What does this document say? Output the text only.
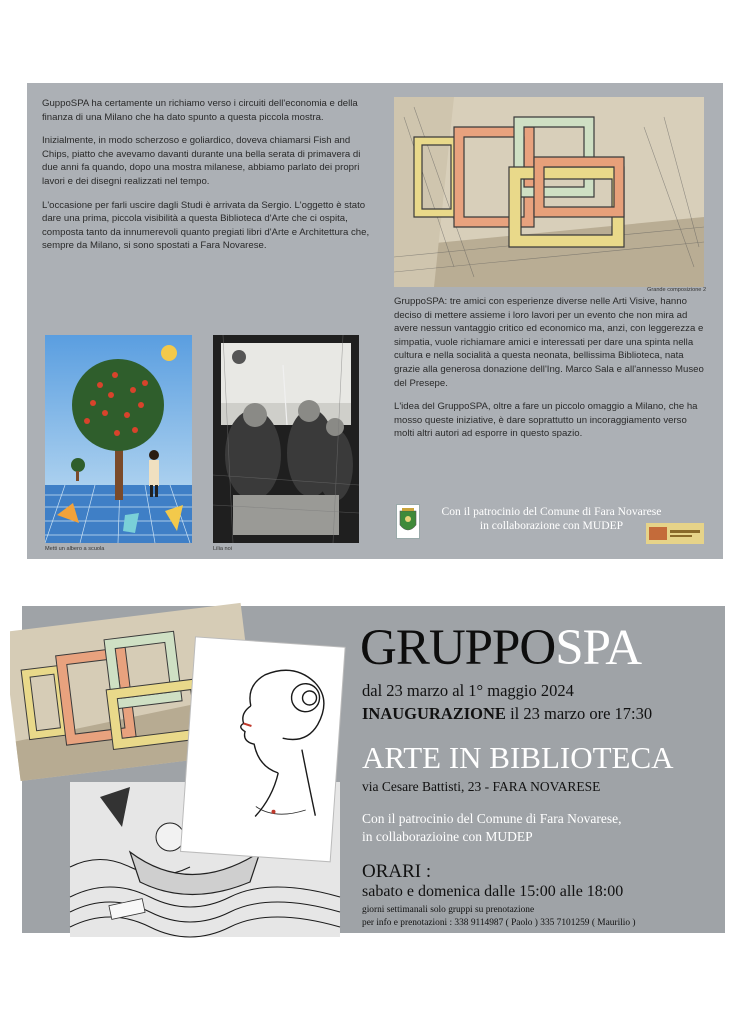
GuppoSPA ha certamente un richiamo verso i circuiti dell'economia e della finanza di una Milano che ha dato spunto a questa piccola mostra.

Inizialmente, in modo scherzoso e goliardico, doveva chiamarsi Fish and Chips, piatto che avevamo davanti durante una bella serata di primavera di due anni fa quando, dopo una mostra milanese, abbiamo parlato dei propri lavori e dei disegni realizzati nel tempo.

L'occasione per farli uscire dagli Studi è arrivata da Sergio. L'oggetto è stato dare una prima, piccola visibilità a questa Biblioteca d'Arte che ci ospita, composta tanto da innumerevoli quanto pregiati libri d'Arte e Architettura che, sempre da Milano, si sono spostati a Fara Novarese.

Grande composizione 2

GruppoSPA: tre amici con esperienze diverse nelle Arti Visive, hanno deciso di mettere assieme i loro lavori per un evento che non mira ad avere nessun vantaggio critico ed economico ma, anzi, con leggerezza e simpatia, vuole richiamare amici e interessati per dare una spinta nella cultura e nella socialità a questa neonata, bellissima Biblioteca, nata grazie alla generosa donazione dell'Ing. Marco Sala e all'annesso Museo del Presepe.

L'idea del GruppoSPA, oltre a fare un piccolo omaggio a Milano, che ha mosso queste iniziative, è dare soprattutto un incoraggiamento verso molti altri autori ad esporre in questo spazio.

Metti un albero a scuola	Lilia noi
Con il patrocinio del Comune di Fara Novarese
in collaborazione con MUDEP
GRUPPOSPA
dal 23 marzo al 1° maggio 2024
INAUGURAZIONE il 23 marzo ore 17:30
ARTE IN BIBLIOTECA
via Cesare Battisti, 23 - FARA NOVARESE
Con il patrocinio del Comune di Fara Novarese,
in collaborazioine con MUDEP
ORARI :
sabato e domenica dalle 15:00 alle 18:00
giorni settimanali solo gruppi su prenotazione
per info e prenotazioni : 338 9114987 ( Paolo ) 335 7101259 ( Maurilio )
